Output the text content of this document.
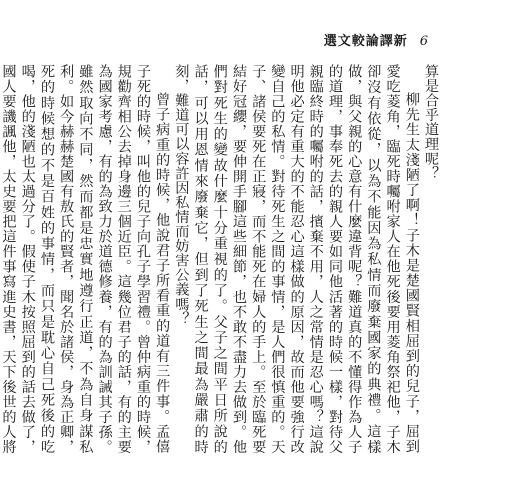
選文較論譯新 6

算是合乎道理呢？

柳先生太淺陋了啊！子木是楚國賢相屈到的兒子，屈到愛吃菱角，臨死時囑咐家人在他死後要用菱角祭祀他，子木卻沒有依從，以為不能因為私情而廢棄國家的典禮。這樣做，與父親的心意有什麼違背呢？難道真的不懂得作為人子的道理，事奉死去的親人要如同他活著的時候一樣，對待父親臨終時的囑咐的話，擯棄不用，人之常情是忍心嗎？這說明他必定有重大的不能忍心這樣做的原因，故而他要強行改變自己的私情。對待死生之間的事情，是人們很慎重的。天子、諸侯要死在正寢，而不能死在婦人的手上。至於臨死要結好冠纓，要伸開手腳這些細節，也不敢不盡力去做到。他們對死生的變故什麼十分重視的了。父子之間平日所說的話，可以用恩情來廢棄它，但到了死生之間最為嚴肅的時刻，難道可以容許因私情而妨害公義嗎？

曾子病重的時候，他說君子所看重的道有三件事。孟僖子死的時候，叫他的兒子向孔子學習禮。曾仲病重的時候，規勸齊相公去掉身邊三個近臣。這幾位君子的話，有的主要為國家考慮，有的為致力於道德修養，有的為訓誡其子孫。雖然取向不同，然而都是忠實地遵行正道，不為自身謀私利。如今赫赫楚國有敖氏的賢者，聞名於諸侯，身為正卿，死的時候想的不是百姓的事情，而只是耽心自己死後的吃喝，他的淺陋也太過分了。假使子木按照屈到的話去做了，國人要譏諷他，太史要把這件事寫進史書，天下後世的人將
